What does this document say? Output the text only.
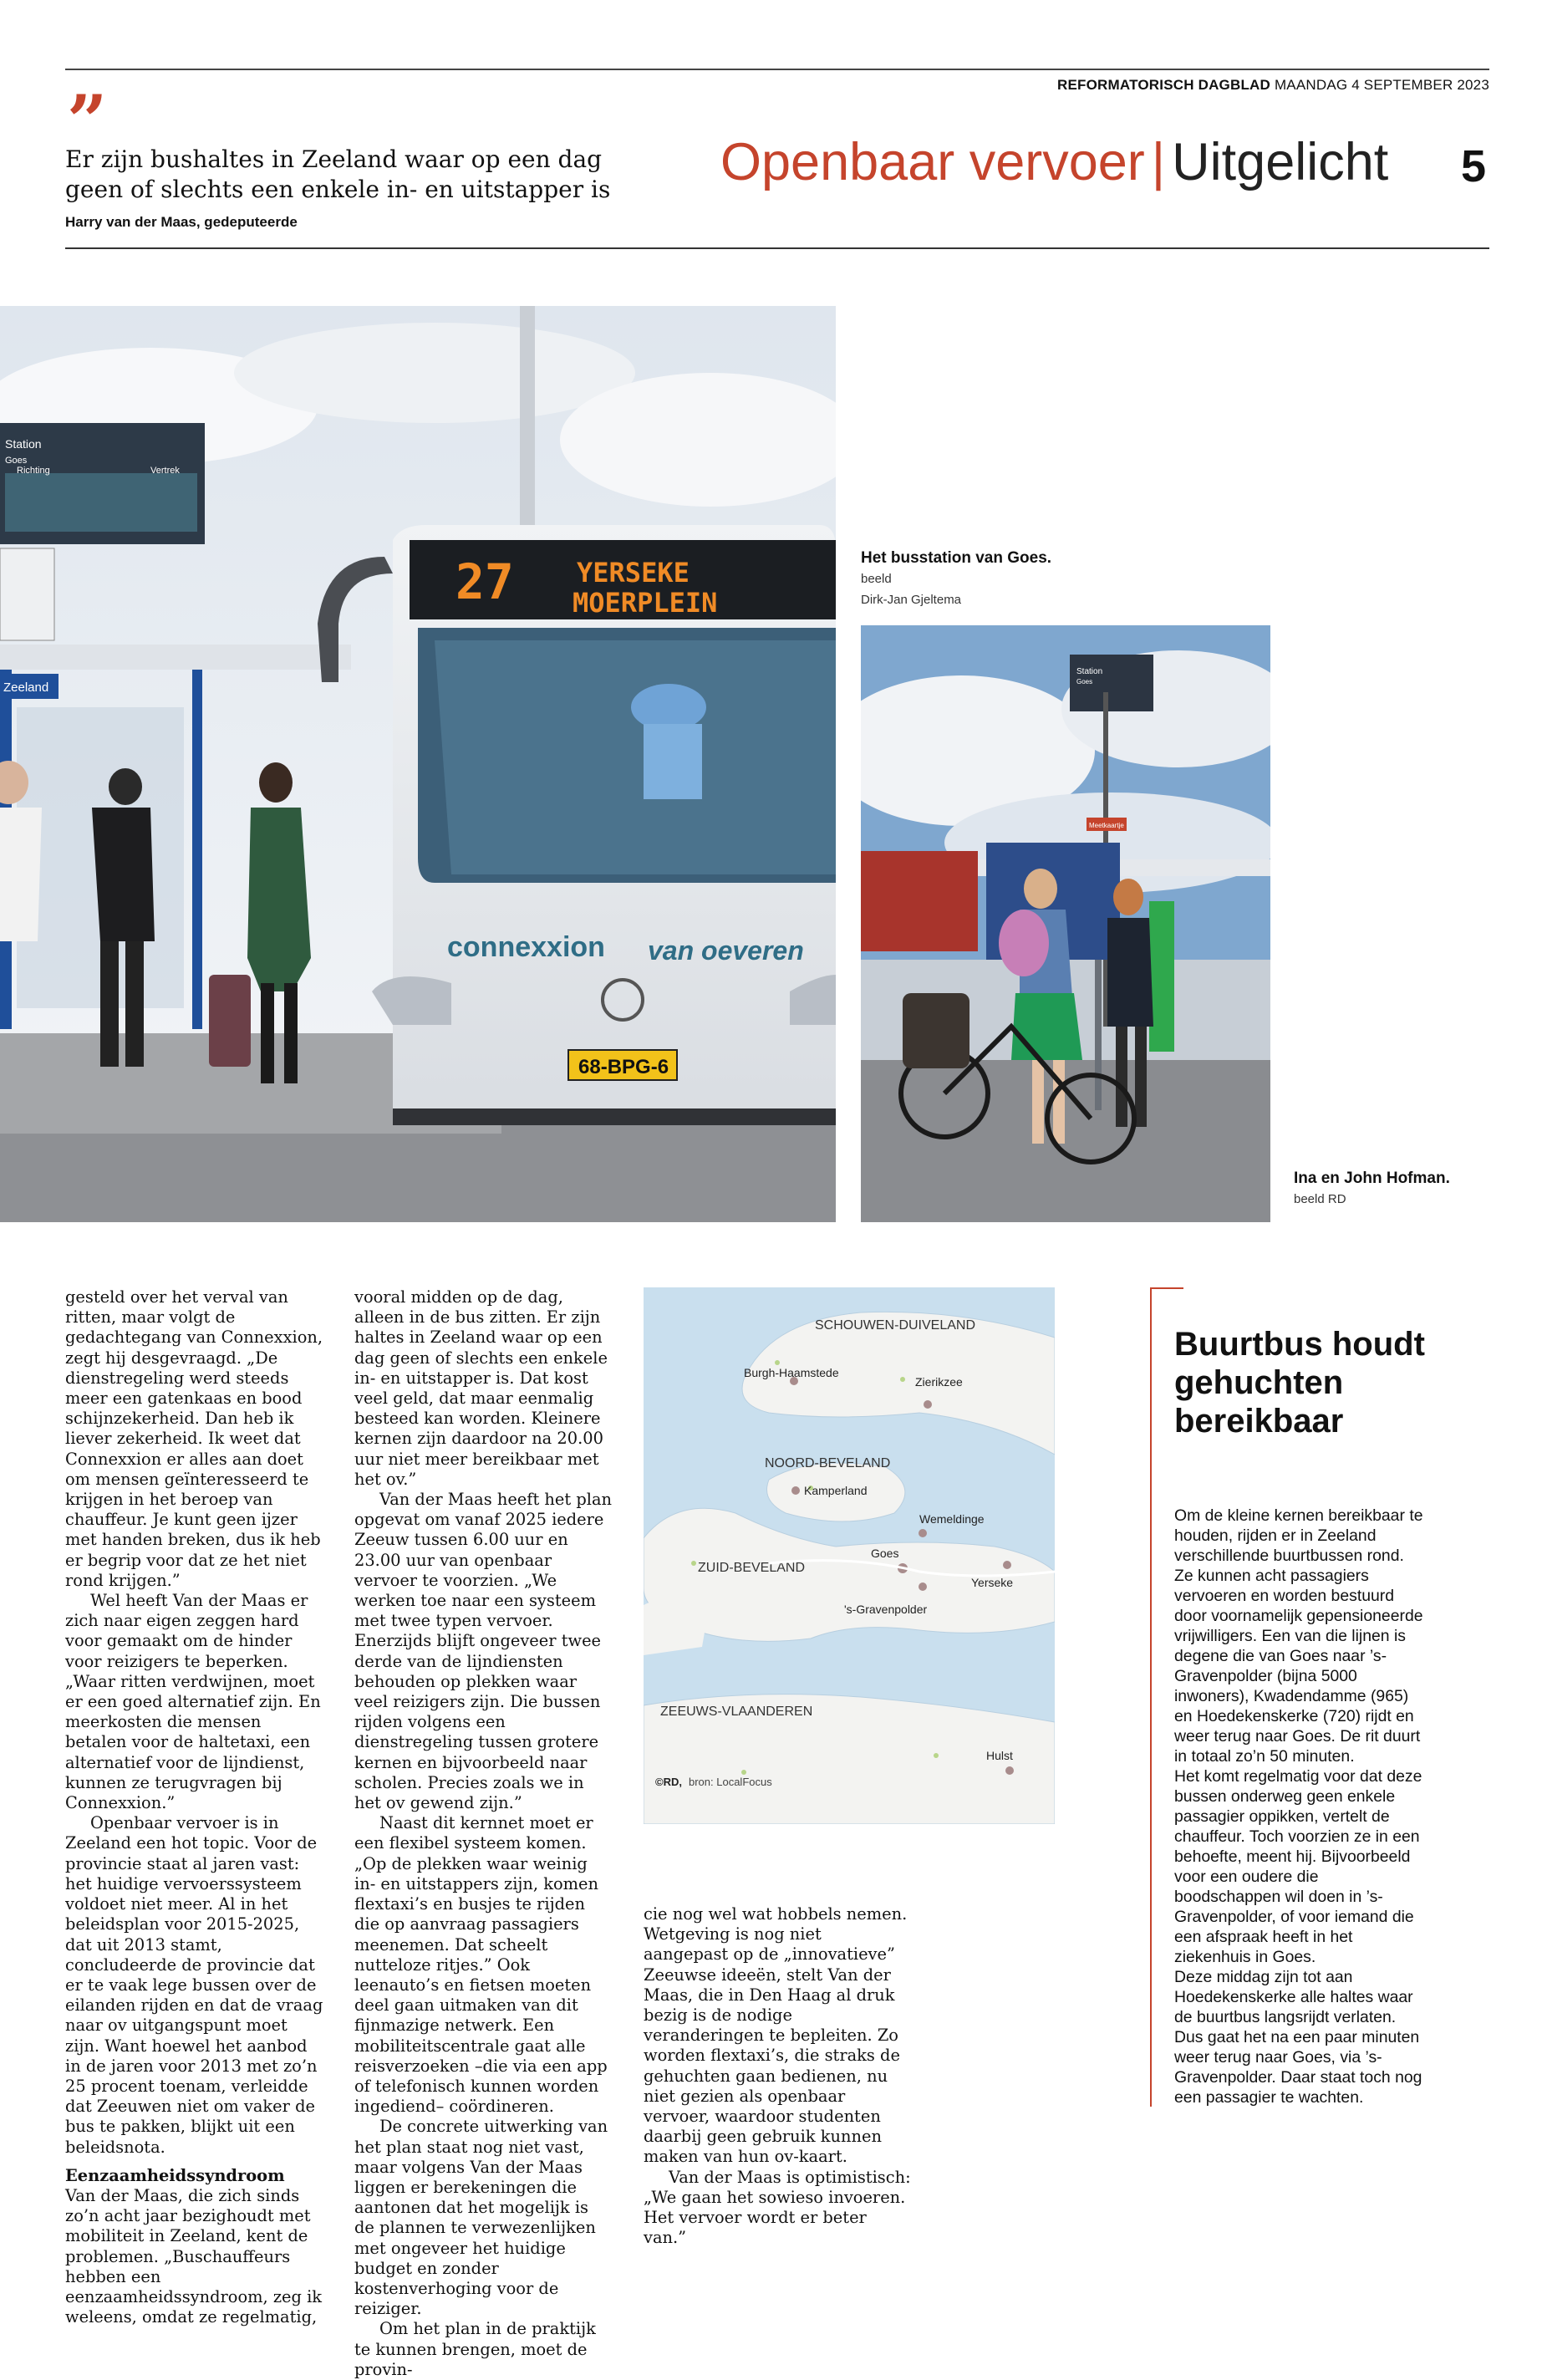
REFORMATORISCH DAGBLAD MAANDAG 4 SEPTEMBER 2023
”
Er zijn bushaltes in Zeeland waar op een dag geen of slechts een enkele in- en uitstapper is
Harry van der Maas, gedeputeerde
Openbaar vervoer | Uitgelicht 5
Station
Goes
Richting	Vertrek
Zeeland
27 YERSEKE
MOERPLEIN
connexxion van oeveren
68-BPG-6
Het busstation van Goes. beeld
Dirk-Jan Gjeltema
Station
Goes
Meetkaartje
Ina en John Hofman.
beeld RD

gesteld over het verval van ritten, maar volgt de gedachtegang van Connexxion, zegt hij desgevraagd. „De dienstregeling werd steeds meer een gatenkaas en bood schijnzekerheid. Dan heb ik liever zekerheid. Ik weet dat Connexxion er alles aan doet om mensen geïnteresseerd te krijgen in het beroep van chauffeur. Je kunt geen ijzer met handen breken, dus ik heb er begrip voor dat ze het niet rond krijgen.”

Wel heeft Van der Maas er zich naar eigen zeggen hard voor gemaakt om de hinder voor reizigers te beperken. „Waar ritten verdwijnen, moet er een goed alternatief zijn. En meerkosten die mensen betalen voor de haltetaxi, een alternatief voor de lijndienst, kunnen ze terugvragen bij Connexxion.”

Openbaar vervoer is in Zeeland een hot topic. Voor de provincie staat al jaren vast: het huidige vervoerssysteem voldoet niet meer. Al in het beleidsplan voor 2015-2025, dat uit 2013 stamt, concludeerde de provincie dat er te vaak lege bussen over de eilanden rijden en dat de vraag naar ov uitgangspunt moet zijn. Want hoewel het aanbod in de jaren voor 2013 met zo’n 25 procent toenam, verleidde dat Zeeuwen niet om vaker de bus te pakken, blijkt uit een beleidsnota.

Eenzaamheidssyndroom

Van der Maas, die zich sinds zo’n acht jaar bezighoudt met mobiliteit in Zeeland, kent de problemen. „Buschauffeurs hebben een eenzaamheidssyndroom, zeg ik weleens, omdat ze regelmatig,

vooral midden op de dag, alleen in de bus zitten. Er zijn haltes in Zeeland waar op een dag geen of slechts een enkele in- en uitstapper is. Dat kost veel geld, dat maar eenmalig besteed kan worden. Kleinere kernen zijn daardoor na 20.00 uur niet meer bereikbaar met het ov.”

Van der Maas heeft het plan opgevat om vanaf 2025 iedere Zeeuw tussen 6.00 uur en 23.00 uur van openbaar vervoer te voorzien. „We werken toe naar een systeem met twee typen vervoer. Enerzijds blijft ongeveer twee derde van de lijndiensten behouden op plekken waar veel reizigers zijn. Die bussen rijden volgens een dienstregeling tussen grotere kernen en bijvoorbeeld naar scholen. Precies zoals we in het ov gewend zijn.”

Naast dit kernnet moet er een flexibel systeem komen. „Op de plekken waar weinig in- en uitstappers zijn, komen flextaxi’s en busjes te rijden die op aanvraag passagiers meenemen. Dat scheelt nutteloze ritjes.” Ook leenauto’s en fietsen moeten deel gaan uitmaken van dit fijnmazige netwerk. Een mobiliteitscentrale gaat alle reisverzoeken –die via een app of telefonisch kunnen worden ingediend– coördineren.

De concrete uitwerking van het plan staat nog niet vast, maar volgens Van der Maas liggen er berekeningen die aantonen dat het mogelijk is de plannen te verwezenlijken met ongeveer het huidige budget en zonder kostenverhoging voor de reiziger.

Om het plan in de praktijk te kunnen brengen, moet de provin-

SCHOUWEN-DUIVELAND
NOORD-BEVELAND
ZUID-BEVELAND
ZEEUWS-VLAANDEREN
Burgh-Haamstede
Zierikzee
Kamperland
Wemeldinge
Goes
Yerseke
's-Gravenpolder
Hulst
©RD, bron: LocalFocus

cie nog wel wat hobbels nemen. Wetgeving is nog niet aangepast op de „innovatieve” Zeeuwse ideeën, stelt Van der Maas, die in Den Haag al druk bezig is de nodige veranderingen te bepleiten. Zo worden flextaxi’s, die straks de gehuchten gaan bedienen, nu niet gezien als openbaar vervoer, waardoor studenten daarbij geen gebruik kunnen maken van hun ov-kaart.

Van der Maas is optimistisch: „We gaan het sowieso invoeren. Het vervoer wordt er beter van.”

Buurtbus houdt gehuchten bereikbaar
Om de kleine kernen bereikbaar te houden, rijden er in Zeeland verschillende buurtbussen rond. Ze kunnen acht passagiers vervoeren en worden bestuurd door voornamelijk gepensioneerde vrijwilligers. Een van die lijnen is degene die van Goes naar ’s-Gravenpolder (bijna 5000 inwoners), Kwadendamme (965) en Hoedekenskerke (720) rijdt en weer terug naar Goes. De rit duurt in totaal zo’n 50 minuten.
Het komt regelmatig voor dat deze bussen onderweg geen enkele passagier oppikken, vertelt de chauffeur. Toch voorzien ze in een behoefte, meent hij. Bijvoorbeeld voor een oudere die boodschappen wil doen in ’s-Gravenpolder, of voor iemand die een afspraak heeft in het ziekenhuis in Goes.
Deze middag zijn tot aan Hoedekenskerke alle haltes waar de buurtbus langsrijdt verlaten. Dus gaat het na een paar minuten weer terug naar Goes, via ’s-Gravenpolder. Daar staat toch nog een passagier te wachten.
